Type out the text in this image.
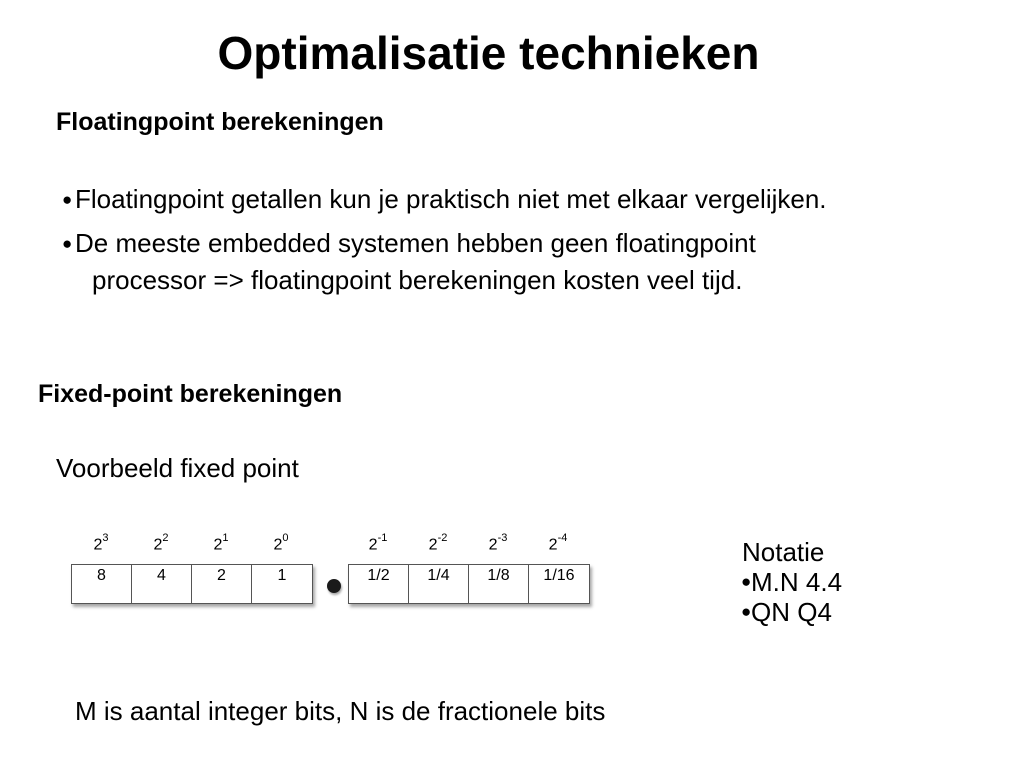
Optimalisatie technieken
Floatingpoint berekeningen
● Floatingpoint getallen kun je praktisch niet met elkaar vergelijken.
● De meeste embedded systemen hebben geen floatingpoint
processor => floatingpoint berekeningen kosten veel tijd.
Fixed-point berekeningen
Voorbeeld fixed point
$2^3$	$2^2$	$2^1$	$2^0$	$2^{-1}$	$2^{-2}$	$2^{-3}$	$2^{-4}$
8	4	2	1	1/2	1/4	1/8	1/16
Notatie
● M.N 4.4
● QN Q4
M is aantal integer bits, N is de fractionele bits
